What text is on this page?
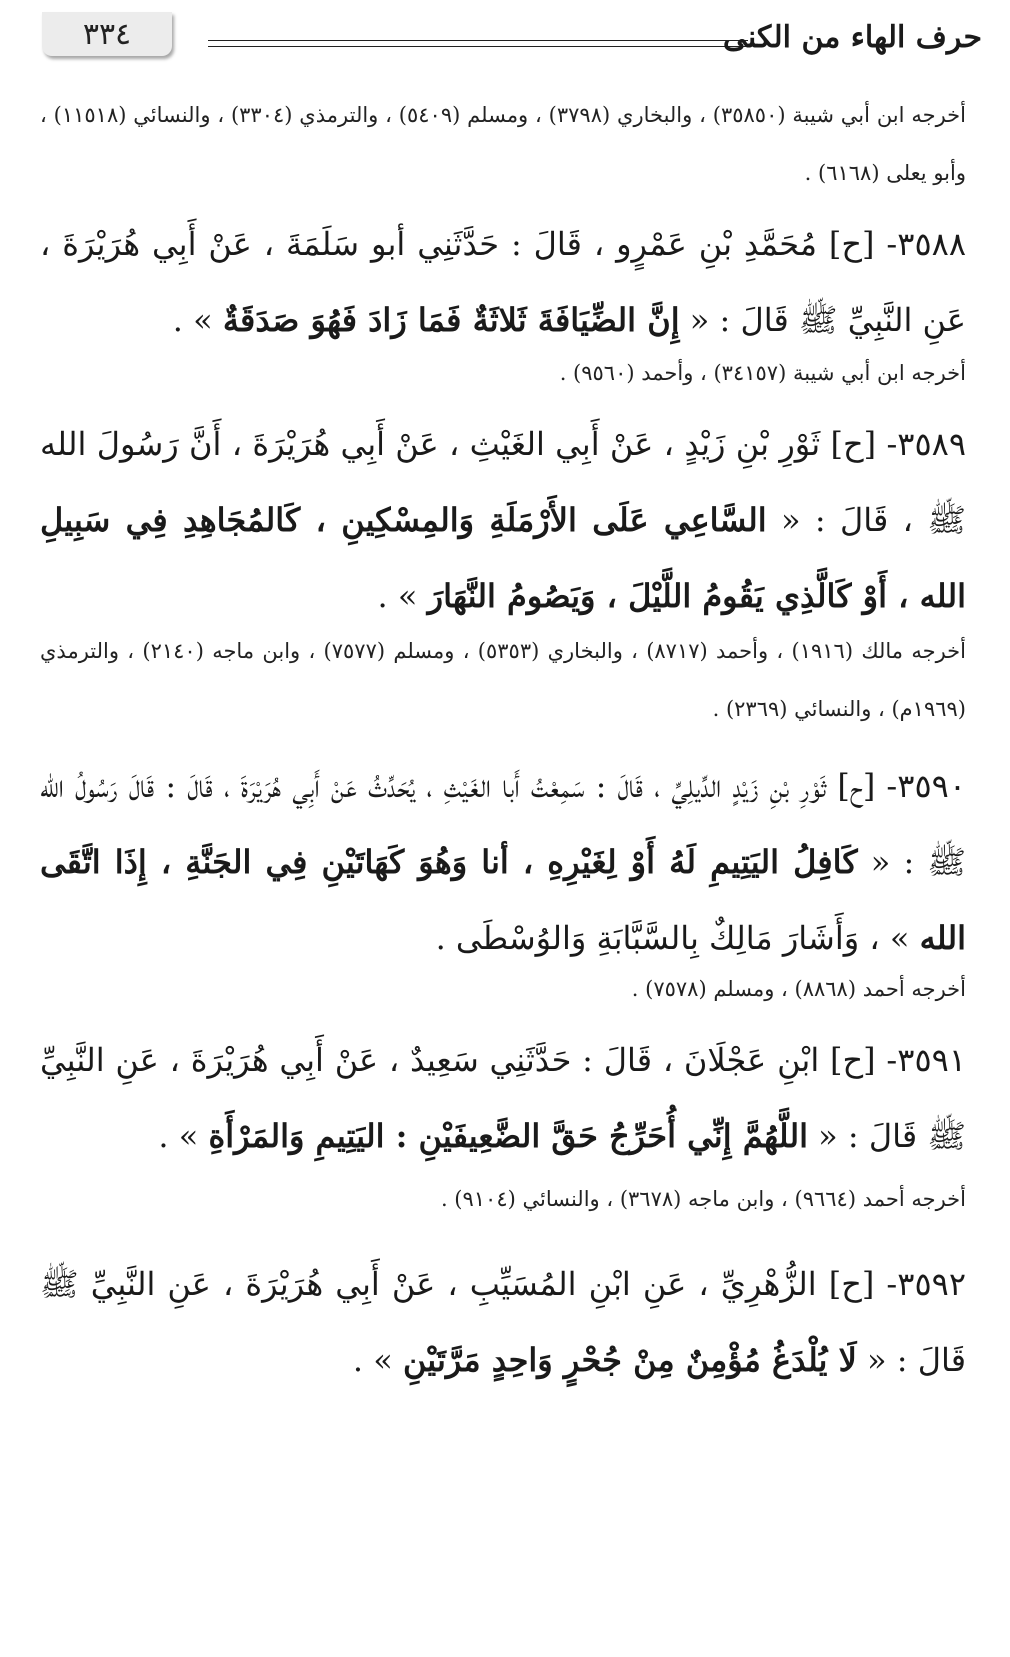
٣٣٤	حرف الهاء من الكنى

أخرجه ابن أبي شيبة (٣٥٨٥٠) ، والبخاري (٣٧٩٨) ، ومسلم (٥٤٠٩) ، والترمذي (٣٣٠٤) ، والنسائي (١١٥١٨) ، وأبو يعلى (٦١٦٨) .

٣٥٨٨- [ح] مُحَمَّدِ بْنِ عَمْرٍو ، قَالَ : حَدَّثَنِي أبو سَلَمَةَ ، عَنْ أَبِي هُرَيْرَةَ ، عَنِ النَّبِيِّ ﷺ قَالَ : « إِنَّ الضِّيَافَةَ ثَلاثَةٌ فَمَا زَادَ فَهُوَ صَدَقَةٌ » .

أخرجه ابن أبي شيبة (٣٤١٥٧) ، وأحمد (٩٥٦٠) .

٣٥٨٩- [ح] ثَوْرِ بْنِ زَيْدٍ ، عَنْ أَبِي الغَيْثِ ، عَنْ أَبِي هُرَيْرَةَ ، أَنَّ رَسُولَ الله ﷺ ، قَالَ : « السَّاعِي عَلَى الأَرْمَلَةِ وَالمِسْكِينِ ، كَالمُجَاهِدِ فِي سَبِيلِ الله ، أَوْ كَالَّذِي يَقُومُ اللَّيْلَ ، وَيَصُومُ النَّهَارَ » .

أخرجه مالك (١٩١٦) ، وأحمد (٨٧١٧) ، والبخاري (٥٣٥٣) ، ومسلم (٧٥٧٧) ، وابن ماجه (٢١٤٠) ، والترمذي (١٩٦٩م) ، والنسائي (٢٣٦٩) .

٣٥٩٠- [ح] ثَوْرِ بْنِ زَيْدٍ الدِّيلِيِّ ، قَالَ : سَمِعْتُ أَبا الغَيْثِ ، يُحَدِّثُ عَنْ أَبِي هُرَيْرَةَ ، قَالَ : قَالَ رَسُولُ الله ﷺ : « كَافِلُ اليَتِيمِ لَهُ أَوْ لِغَيْرِهِ ، أنا وَهُوَ كَهَاتَيْنِ فِي الجَنَّةِ ، إِذَا اتَّقَى الله » ، وَأَشَارَ مَالِكٌ بِالسَّبَّابَةِ وَالوُسْطَى .

أخرجه أحمد (٨٨٦٨) ، ومسلم (٧٥٧٨) .

٣٥٩١- [ح] ابْنِ عَجْلَانَ ، قَالَ : حَدَّثَنِي سَعِيدٌ ، عَنْ أَبِي هُرَيْرَةَ ، عَنِ النَّبِيِّ ﷺ قَالَ : « اللَّهُمَّ إِنِّي أُحَرِّجُ حَقَّ الضَّعِيفَيْنِ : اليَتِيمِ وَالمَرْأَةِ » .

أخرجه أحمد (٩٦٦٤) ، وابن ماجه (٣٦٧٨) ، والنسائي (٩١٠٤) .

٣٥٩٢- [ح] الزُّهْرِيِّ ، عَنِ ابْنِ المُسَيِّبِ ، عَنْ أَبِي هُرَيْرَةَ ، عَنِ النَّبِيِّ ﷺ قَالَ : « لَا يُلْدَغُ مُؤْمِنٌ مِنْ جُحْرٍ وَاحِدٍ مَرَّتَيْنِ » .
